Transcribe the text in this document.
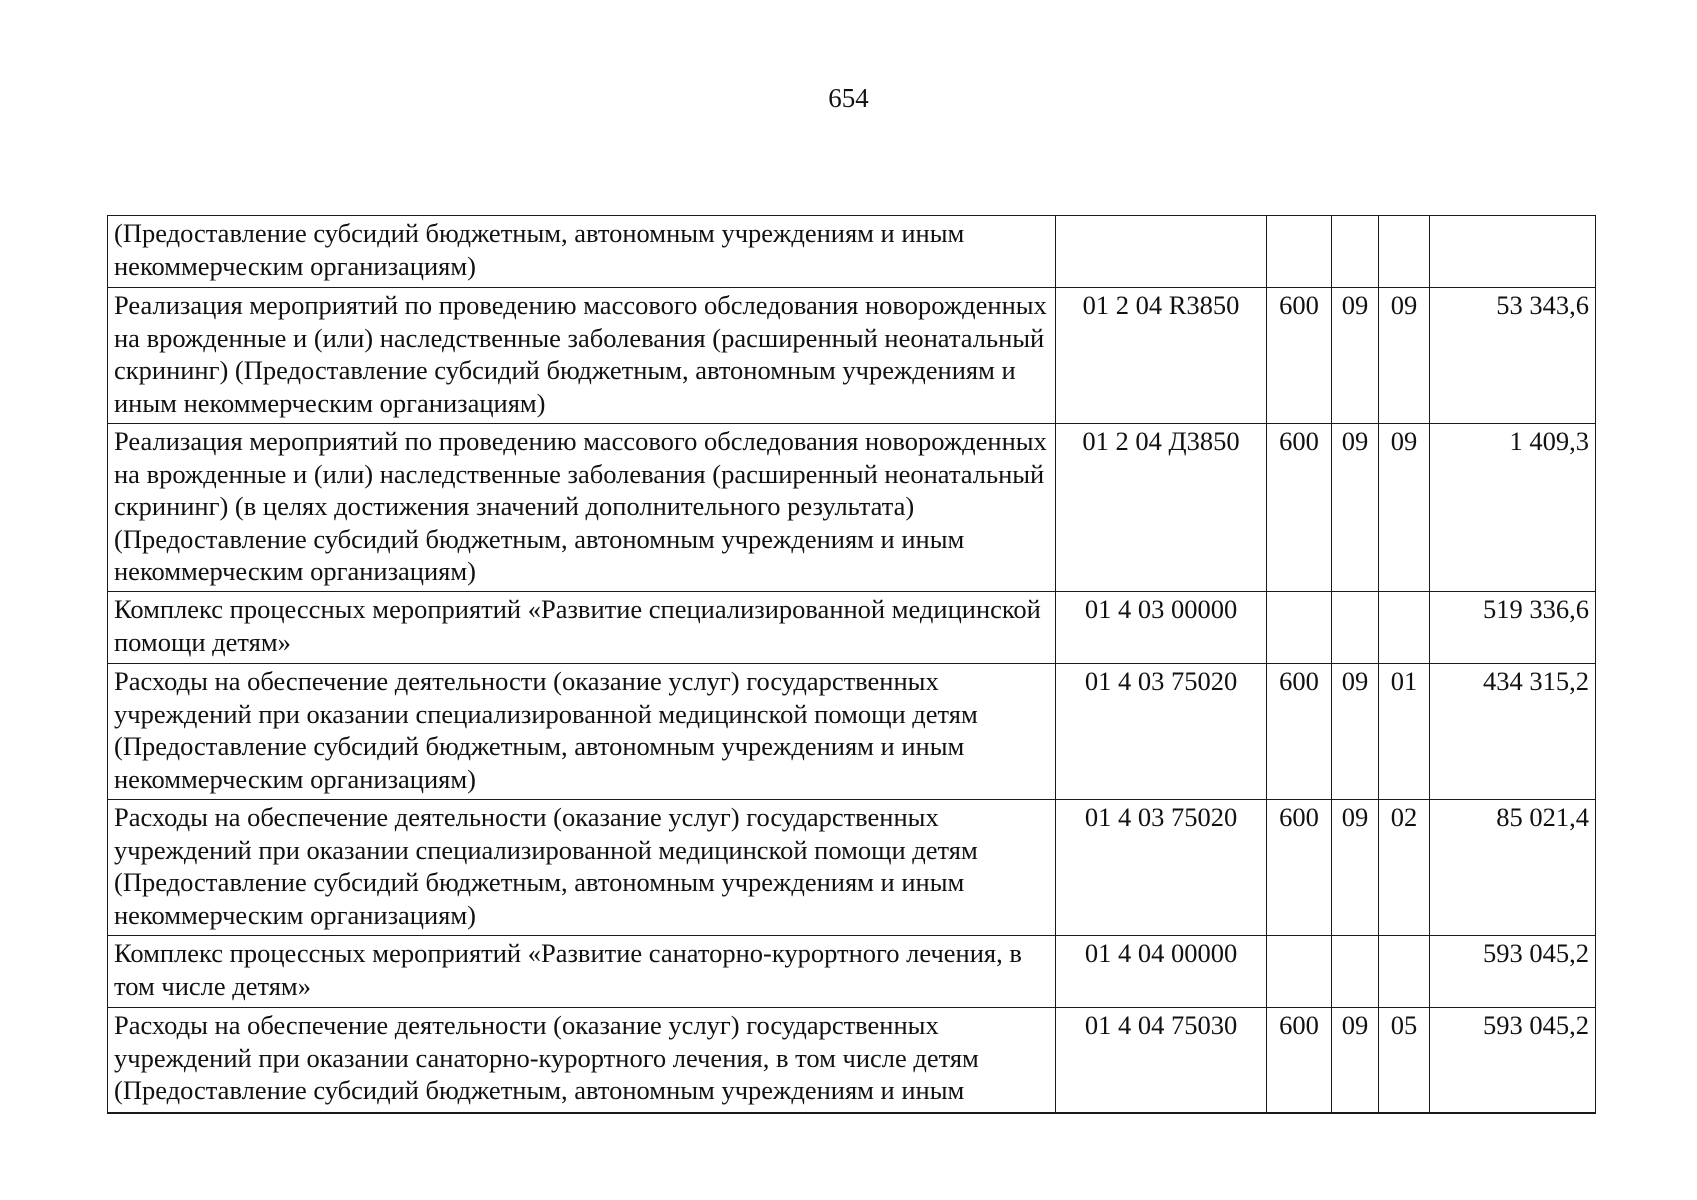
654
(Предоставление субсидий бюджетным, автономным учреждениям и иным некоммерческим организациям)					
Реализация мероприятий по проведению массового обследования новорожденных на врожденные и (или) наследственные заболевания (расширенный неонатальный скрининг) (Предоставление субсидий бюджетным, автономным учреждениям и иным некоммерческим организациям)	01 2 04 R3850	600	09	09	53 343,6
Реализация мероприятий по проведению массового обследования новорожденных на врожденные и (или) наследственные заболевания (расширенный неонатальный скрининг) (в целях достижения значений дополнительного результата) (Предоставление субсидий бюджетным, автономным учреждениям и иным некоммерческим организациям)	01 2 04 Д3850	600	09	09	1 409,3
Комплекс процессных мероприятий «Развитие специализированной медицинской помощи детям»	01 4 03 00000				519 336,6
Расходы на обеспечение деятельности (оказание услуг) государственных учреждений при оказании специализированной медицинской помощи детям (Предоставление субсидий бюджетным, автономным учреждениям и иным некоммерческим организациям)	01 4 03 75020	600	09	01	434 315,2
Расходы на обеспечение деятельности (оказание услуг) государственных учреждений при оказании специализированной медицинской помощи детям (Предоставление субсидий бюджетным, автономным учреждениям и иным некоммерческим организациям)	01 4 03 75020	600	09	02	85 021,4
Комплекс процессных мероприятий «Развитие санаторно-курортного лечения, в том числе детям»	01 4 04 00000				593 045,2
Расходы на обеспечение деятельности (оказание услуг) государственных учреждений при оказании санаторно-курортного лечения, в том числе детям (Предоставление субсидий бюджетным, автономным учреждениям и иным	01 4 04 75030	600	09	05	593 045,2
